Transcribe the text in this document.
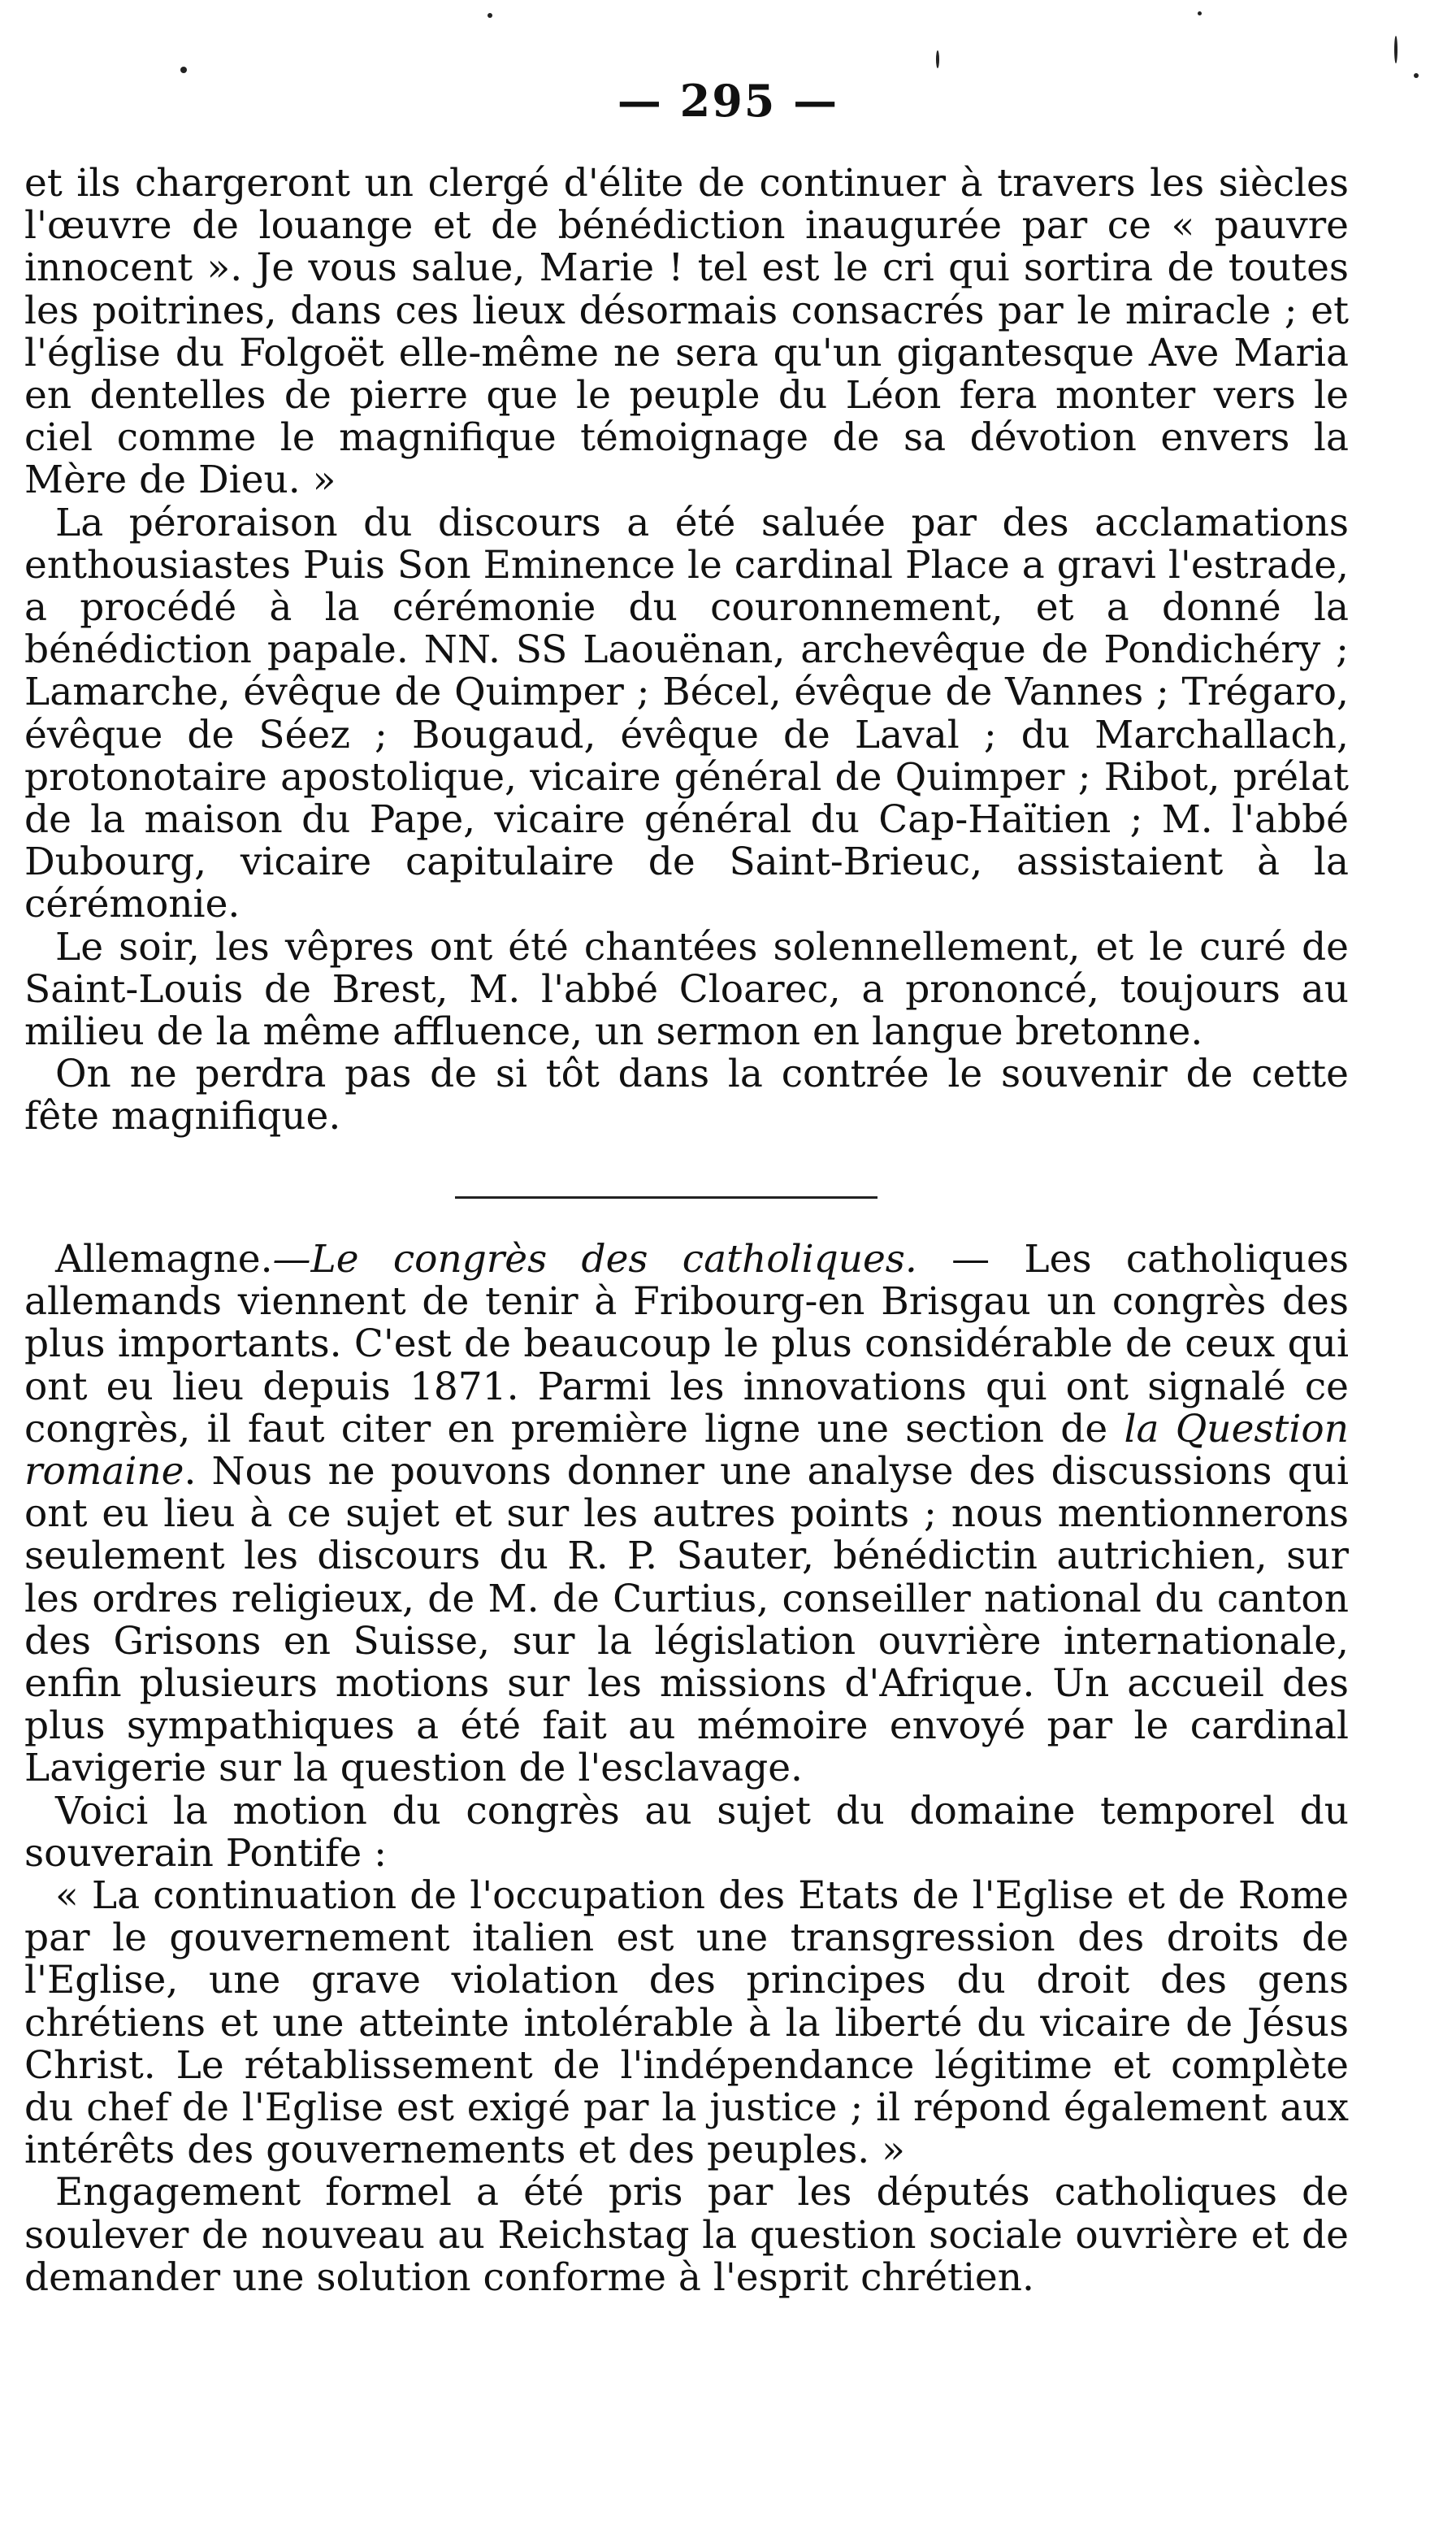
— 295 —

et ils chargeront un clergé d'élite de continuer à travers les siècles l'œuvre de louange et de bénédiction inaugurée par ce « pauvre innocent ». Je vous salue, Marie ! tel est le cri qui sortira de toutes les poitrines, dans ces lieux désormais consacrés par le miracle ; et l'église du Folgoët elle-même ne sera qu'un gigantesque Ave Maria en dentelles de pierre que le peuple du Léon fera monter vers le ciel comme le magnifique témoignage de sa dévotion envers la Mère de Dieu. »

La péroraison du discours a été saluée par des acclamations enthousiastes Puis Son Eminence le cardinal Place a gravi l'estrade, a procédé à la cérémonie du couronnement, et a donné la bénédiction papale. NN. SS Laouënan, archevêque de Pondichéry ; Lamarche, évêque de Quimper ; Bécel, évêque de Vannes ; Trégaro, évêque de Séez ; Bougaud, évêque de Laval ; du Marchallach, protonotaire apostolique, vicaire général de Quimper ; Ribot, prélat de la maison du Pape, vicaire général du Cap-Haïtien ; M. l'abbé Dubourg, vicaire capitulaire de Saint-Brieuc, assistaient à la cérémonie.

Le soir, les vêpres ont été chantées solennellement, et le curé de Saint-Louis de Brest, M. l'abbé Cloarec, a prononcé, toujours au milieu de la même affluence, un sermon en langue bretonne.

On ne perdra pas de si tôt dans la contrée le souvenir de cette fête magnifique.

Allemagne.—Le congrès des catholiques. — Les catholiques allemands viennent de tenir à Fribourg-en Brisgau un congrès des plus importants. C'est de beaucoup le plus considérable de ceux qui ont eu lieu depuis 1871. Parmi les innovations qui ont signalé ce congrès, il faut citer en première ligne une section de la Question romaine. Nous ne pouvons donner une analyse des discussions qui ont eu lieu à ce sujet et sur les autres points ; nous mentionnerons seulement les discours du R. P. Sauter, bénédictin autrichien, sur les ordres religieux, de M. de Curtius, conseiller national du canton des Grisons en Suisse, sur la législation ouvrière internationale, enfin plusieurs motions sur les missions d'Afrique. Un accueil des plus sympathiques a été fait au mémoire envoyé par le cardinal Lavigerie sur la question de l'esclavage.

Voici la motion du congrès au sujet du domaine temporel du souverain Pontife :

« La continuation de l'occupation des Etats de l'Eglise et de Rome par le gouvernement italien est une transgression des droits de l'Eglise, une grave violation des principes du droit des gens chrétiens et une atteinte intolérable à la liberté du vicaire de Jésus Christ. Le rétablissement de l'indépendance légitime et complète du chef de l'Eglise est exigé par la justice ; il répond également aux intérêts des gouvernements et des peuples. »

Engagement formel a été pris par les députés catholiques de soulever de nouveau au Reichstag la question sociale ouvrière et de demander une solution conforme à l'esprit chrétien.
